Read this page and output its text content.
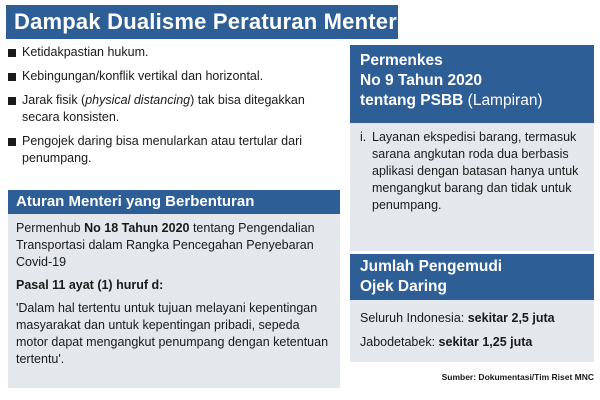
Dampak Dualisme Peraturan Menteri
Ketidakpastian hukum.
Kebingungan/konflik vertikal dan horizontal.
Jarak fisik (physical distancing) tak bisa ditegakkan secara konsisten.
Pengojek daring bisa menularkan atau tertular dari penumpang.
Aturan Menteri yang Berbenturan

Permenhub No 18 Tahun 2020 tentang Pengendalian Transportasi dalam Rangka Pencegahan Penyebaran Covid-19

Pasal 11 ayat (1) huruf d:

'Dalam hal tertentu untuk tujuan melayani kepentingan masyarakat dan untuk kepentingan pribadi, sepeda motor dapat mengangkut penumpang dengan ketentuan tertentu'.

Permenkes
No 9 Tahun 2020
tentang PSBB (Lampiran)
i. Layanan ekspedisi barang, termasuk sarana angkutan roda dua berbasis aplikasi dengan batasan hanya untuk mengangkut barang dan tidak untuk penumpang.
Jumlah Pengemudi
Ojek Daring
Seluruh Indonesia: sekitar 2,5 juta
Jabodetabek: sekitar 1,25 juta
Sumber: Dokumentasi/Tim Riset MNC
